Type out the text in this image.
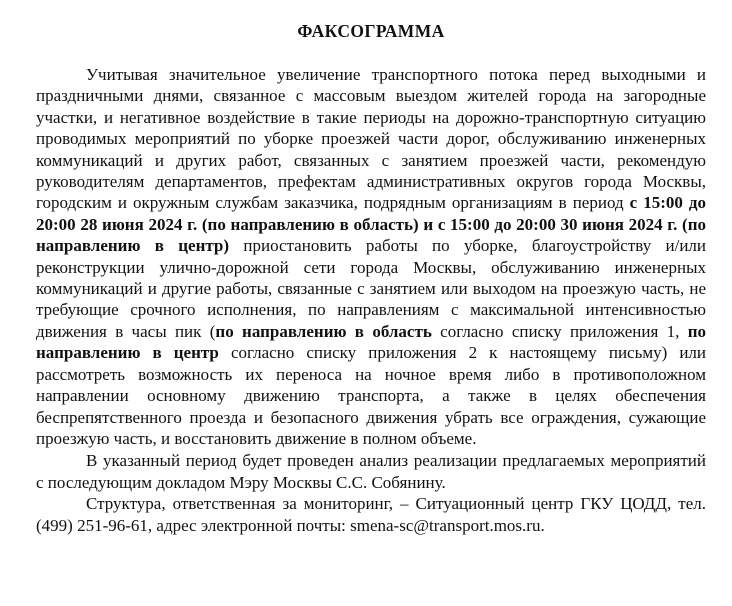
ФАКСОГРАММА

Учитывая значительное увеличение транспортного потока перед выходными и праздничными днями, связанное с массовым выездом жителей города на загородные участки, и негативное воздействие в такие периоды на дорожно-транспортную ситуацию проводимых мероприятий по уборке проезжей части дорог, обслуживанию инженерных коммуникаций и других работ, связанных с занятием проезжей части, рекомендую руководителям департаментов, префектам административных округов города Москвы, городским и окружным службам заказчика, подрядным организациям в период с 15:00 до 20:00 28 июня 2024 г. (по направлению в область) и с 15:00 до 20:00 30 июня 2024 г. (по направлению в центр) приостановить работы по уборке, благоустройству и/или реконструкции улично-дорожной сети города Москвы, обслуживанию инженерных коммуникаций и другие работы, связанные с занятием или выходом на проезжую часть, не требующие срочного исполнения, по направлениям с максимальной интенсивностью движения в часы пик (по направлению в область согласно списку приложения 1, по направлению в центр согласно списку приложения 2 к настоящему письму) или рассмотреть возможность их переноса на ночное время либо в противоположном направлении основному движению транспорта, а также в целях обеспечения беспрепятственного проезда и безопасного движения убрать все ограждения, сужающие проезжую часть, и восстановить движение в полном объеме.

В указанный период будет проведен анализ реализации предлагаемых мероприятий с последующим докладом Мэру Москвы С.С. Собянину.

Структура, ответственная за мониторинг, – Ситуационный центр ГКУ ЦОДД, тел. (499) 251-96-61, адрес электронной почты: smena-sc@transport.mos.ru.
